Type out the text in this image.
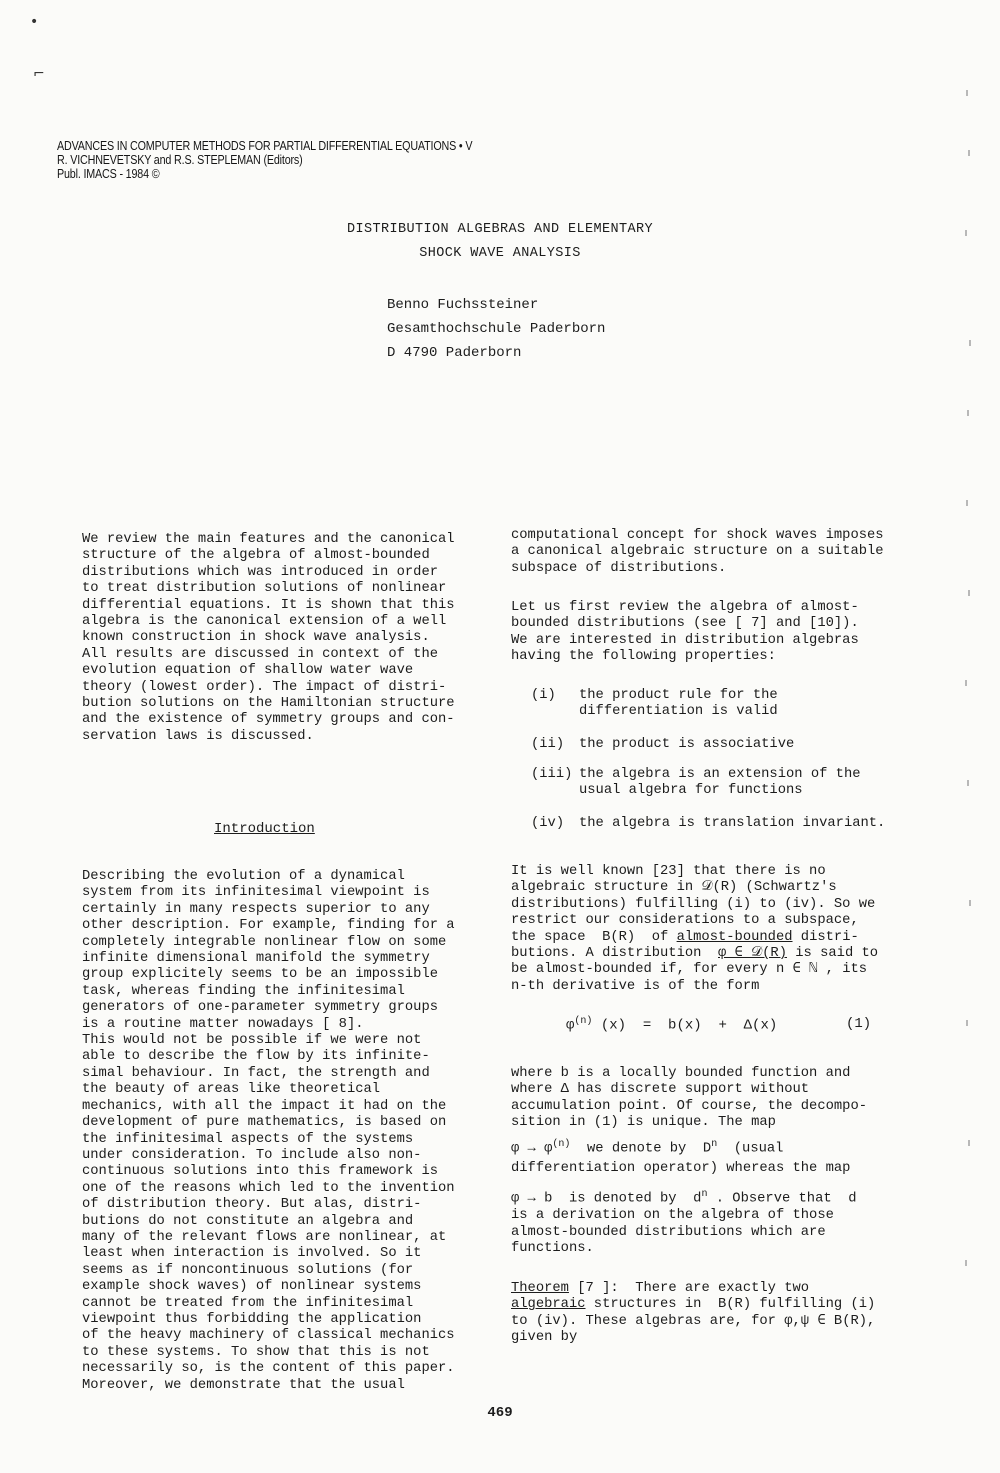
•
⌐
ADVANCES IN COMPUTER METHODS FOR PARTIAL DIFFERENTIAL EQUATIONS • V
R. VICHNEVETSKY and R.S. STEPLEMAN (Editors)
Publ. IMACS - 1984 ©
DISTRIBUTION ALGEBRAS AND ELEMENTARY
SHOCK WAVE ANALYSIS
Benno Fuchssteiner
Gesamthochschule Paderborn
D 4790 Paderborn

We review the main features and the canonical
structure of the algebra of almost-bounded
distributions which was introduced in order
to treat distribution solutions of nonlinear
differential equations. It is shown that this
algebra is the canonical extension of a well
known construction in shock wave analysis.
All results are discussed in context of the
evolution equation of shallow water wave
theory (lowest order). The impact of distri-
bution solutions on the Hamiltonian structure
and the existence of symmetry groups and con-
servation laws is discussed.

Introduction

Describing the evolution of a dynamical
system from its infinitesimal viewpoint is
certainly in many respects superior to any
other description. For example, finding for a
completely integrable nonlinear flow on some
infinite dimensional manifold the symmetry
group explicitely seems to be an impossible
task, whereas finding the infinitesimal
generators of one-parameter symmetry groups
is a routine matter nowadays [ 8].
This would not be possible if we were not
able to describe the flow by its infinite-
simal behaviour. In fact, the strength and
the beauty of areas like theoretical
mechanics, with all the impact it had on the
development of pure mathematics, is based on
the infinitesimal aspects of the systems
under consideration. To include also non-
continuous solutions into this framework is
one of the reasons which led to the invention
of distribution theory. But alas, distri-
butions do not constitute an algebra and
many of the relevant flows are nonlinear, at
least when interaction is involved. So it
seems as if noncontinuous solutions (for
example shock waves) of nonlinear systems
cannot be treated from the infinitesimal
viewpoint thus forbidding the application
of the heavy machinery of classical mechanics
to these systems. To show that this is not
necessarily so, is the content of this paper.
Moreover, we demonstrate that the usual

computational concept for shock waves imposes
a canonical algebraic structure on a suitable
subspace of distributions.

Let us first review the algebra of almost-
bounded distributions (see [ 7] and [10]).
We are interested in distribution algebras
having the following properties:

(i) the product rule for the
differentiation is valid
(ii) the product is associative
(iii) the algebra is an extension of the
usual algebra for functions
(iv) the algebra is translation invariant.
It is well known [23] that there is no
algebraic structure in 𝒟(R) (Schwartz's
distributions) fulfilling (i) to (iv). So we
restrict our considerations to a subspace,
the space  B(R)  of almost-bounded distri-
butions. A distribution  φ ∈ 𝒟(R) is said to
be almost-bounded if, for every n ∈ ℕ , its
n-th derivative is of the form
$\varphi^{(n)}$ (x)  =  b(x)  +  Δ(x)	(1)

where b is a locally bounded function and
where Δ has discrete support without
accumulation point. Of course, the decompo-
sition in (1) is unique. The map

$\varphi \to \varphi^{(n)}$  we denote by  $D^n$  (usual
differentiation operator) whereas the map
φ → b  is denoted by  $d^n$ . Observe that  d

is a derivation on the algebra of those
almost-bounded distributions which are
functions.

Theorem [7 ]:  There are exactly two
algebraic structures in  B(R) fulfilling (i)
to (iv). These algebras are, for φ,ψ ∈ B(R),
given by
469
